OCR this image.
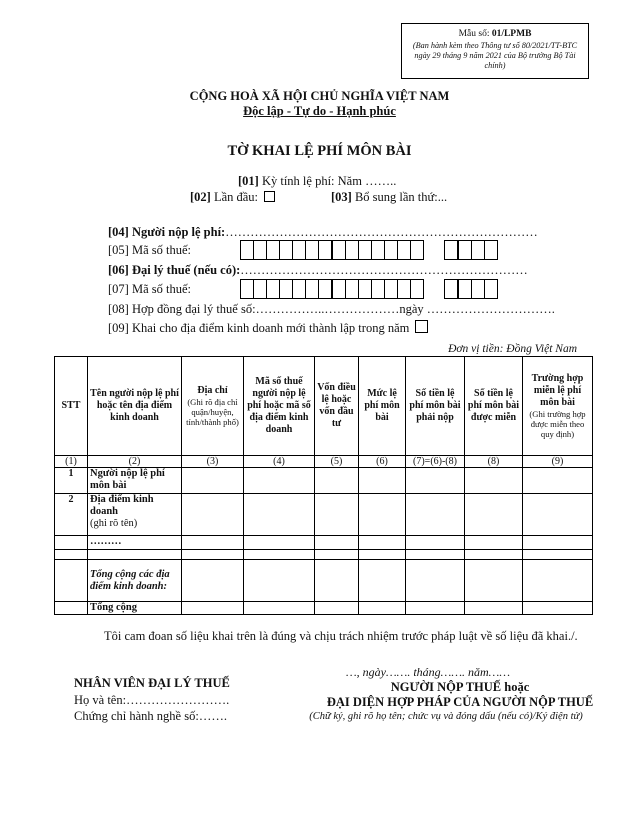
Mẫu số: 01/LPMB
(Ban hành kèm theo Thông tư số 80/2021/TT-BTC ngày 29 tháng 9 năm 2021 của Bộ trưởng Bộ Tài chính)
CỘNG HOÀ XÃ HỘI CHỦ NGHĨA VIỆT NAM
Độc lập - Tự do - Hạnh phúc
TỜ KHAI LỆ PHÍ MÔN BÀI
[01] Kỳ tính lệ phí: Năm ……..
[02] Lần đầu:	[03] Bổ sung lần thứ:...
[04] Người nộp lệ phí:…………………………………………………………………
[05] Mã số thuế:
[06] Đại lý thuế (nếu có):……………………………………………………………
[07] Mã số thuế:
[08] Hợp đồng đại lý thuế số:……………..………………ngày ………………………….
[09] Khai cho địa điểm kinh doanh mới thành lập trong năm
Đơn vị tiền: Đồng Việt Nam
STT	Tên người nộp lệ phí hoặc tên địa điểm kinh doanh	Địa chỉ
(Ghi rõ địa chỉ quận/huyện, tỉnh/thành phố)	Mã số thuế người nộp lệ phí hoặc mã số địa điểm kinh doanh	Vốn điều lệ hoặc vốn đầu tư	Mức lệ phí môn bài	Số tiền lệ phí môn bài phải nộp	Số tiền lệ phí môn bài được miễn	Trường hợp miễn lệ phí môn bài
(Ghi trường hợp được miễn theo quy định)

(1)	(2)	(3)	(4)	(5)	(6)	(7)=(6)-(8)	(8)	(9)
1	Người nộp lệ phí môn bài							
2	Địa điểm kinh doanh
(ghi rõ tên)							
	………							

	Tổng cộng các địa điểm kinh doanh:							
	Tổng cộng							
Tôi cam đoan số liệu khai trên là đúng và chịu trách nhiệm trước pháp luật về số liệu đã khai./.
…, ngày……. tháng……. năm……
NHÂN VIÊN ĐẠI LÝ THUẾ
Họ và tên:…………………….
Chứng chỉ hành nghề số:…….
NGƯỜI NỘP THUẾ hoặc
ĐẠI DIỆN HỢP PHÁP CỦA NGƯỜI NỘP THUẾ
(Chữ ký, ghi rõ họ tên; chức vụ và đóng dấu (nếu có)/Ký điện tử)
